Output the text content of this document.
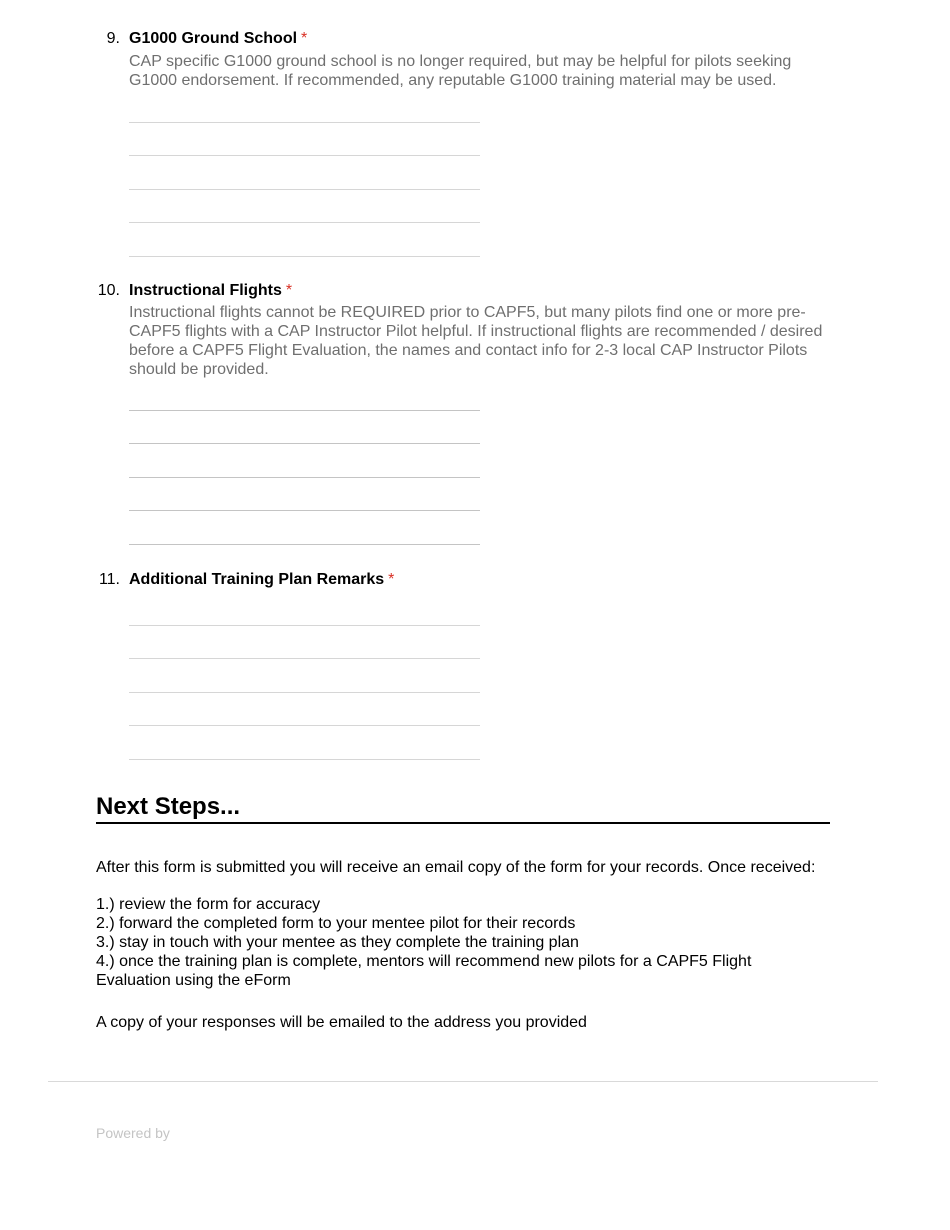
9. G1000 Ground School *
CAP specific G1000 ground school is no longer required, but may be helpful for pilots seeking G1000 endorsement. If recommended, any reputable G1000 training material may be used.
10. Instructional Flights *
Instructional flights cannot be REQUIRED prior to CAPF5, but many pilots find one or more pre-CAPF5 flights with a CAP Instructor Pilot helpful. If instructional flights are recommended / desired before a CAPF5 Flight Evaluation, the names and contact info for 2-3 local CAP Instructor Pilots should be provided.
11. Additional Training Plan Remarks *
Next Steps...
After this form is submitted you will receive an email copy of the form for your records. Once received:
1.) review the form for accuracy
2.) forward the completed form to your mentee pilot for their records
3.) stay in touch with your mentee as they complete the training plan
4.) once the training plan is complete, mentors will recommend new pilots for a CAPF5 Flight Evaluation using the eForm
A copy of your responses will be emailed to the address you provided
Powered by
